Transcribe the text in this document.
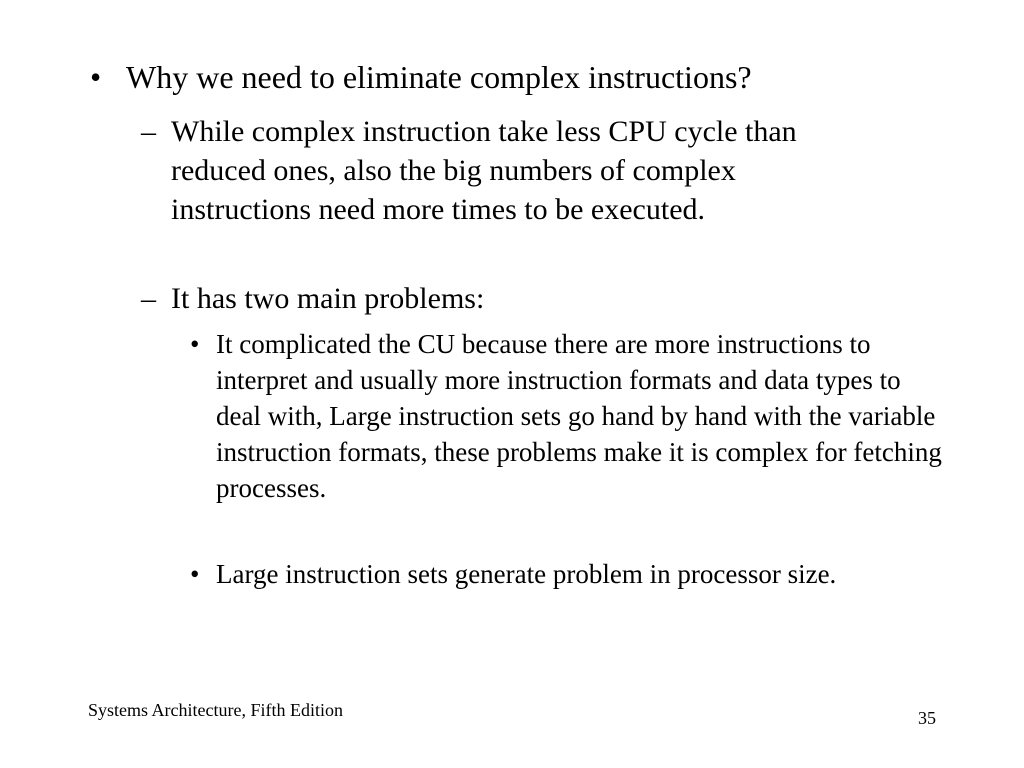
• Why we need to eliminate complex instructions?
– While complex instruction take less CPU cycle than reduced ones, also the big numbers of complex instructions need more times to be executed.
– It has two main problems:
• It complicated the CU because there are more instructions to interpret and usually more instruction formats and data types to deal with, Large instruction sets go hand by hand with the variable instruction formats, these problems make it is complex for fetching processes.
• Large instruction sets generate problem in processor size.
Systems Architecture, Fifth Edition	35
